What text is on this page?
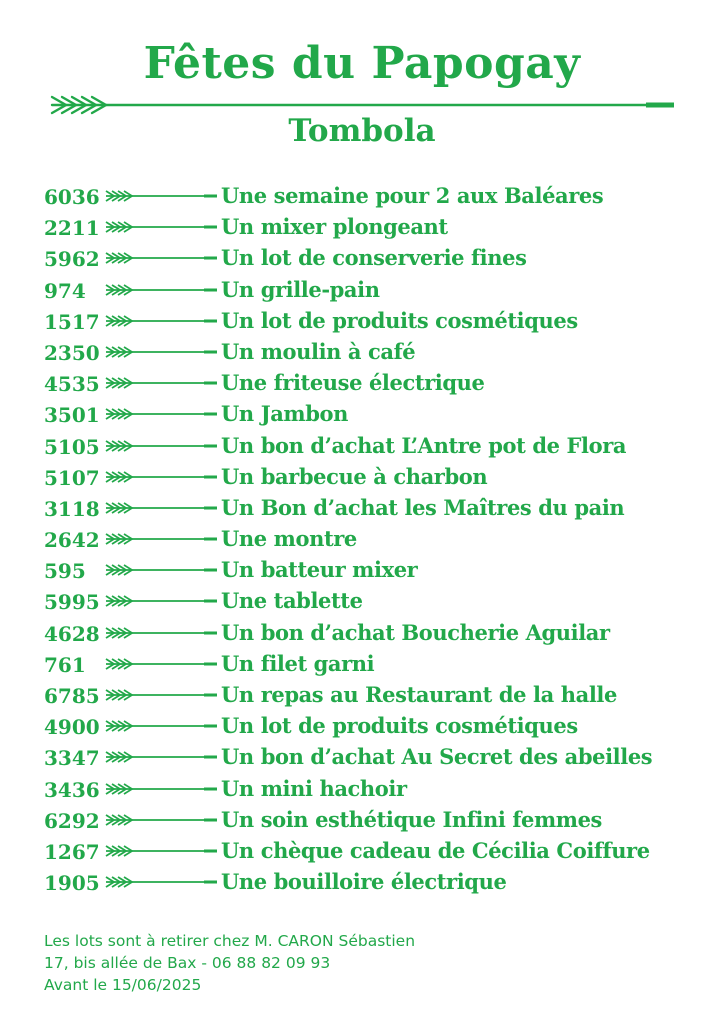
Fêtes du Papogay
Tombola
6036	Une semaine pour 2 aux Baléares
2211	Un mixer plongeant
5962	Un lot de conserverie fines
974	Un grille-pain
1517	Un lot de produits cosmétiques
2350	Un moulin à café
4535	Une friteuse électrique
3501	Un Jambon
5105	Un bon d’achat L’Antre pot de Flora
5107	Un barbecue à charbon
3118	Un Bon d’achat les Maîtres du pain
2642	Une montre
595	Un batteur mixer
5995	Une tablette
4628	Un bon d’achat Boucherie Aguilar
761	Un filet garni
6785	Un repas au Restaurant de la halle
4900	Un lot de produits cosmétiques
3347	Un bon d’achat Au Secret des abeilles
3436	Un mini hachoir
6292	Un soin esthétique Infini femmes
1267	Un chèque cadeau de Cécilia Coiffure
1905	Une bouilloire électrique
Les lots sont à retirer chez M. CARON Sébastien
17, bis allée de Bax - 06 88 82 09 93
Avant le 15/06/2025
